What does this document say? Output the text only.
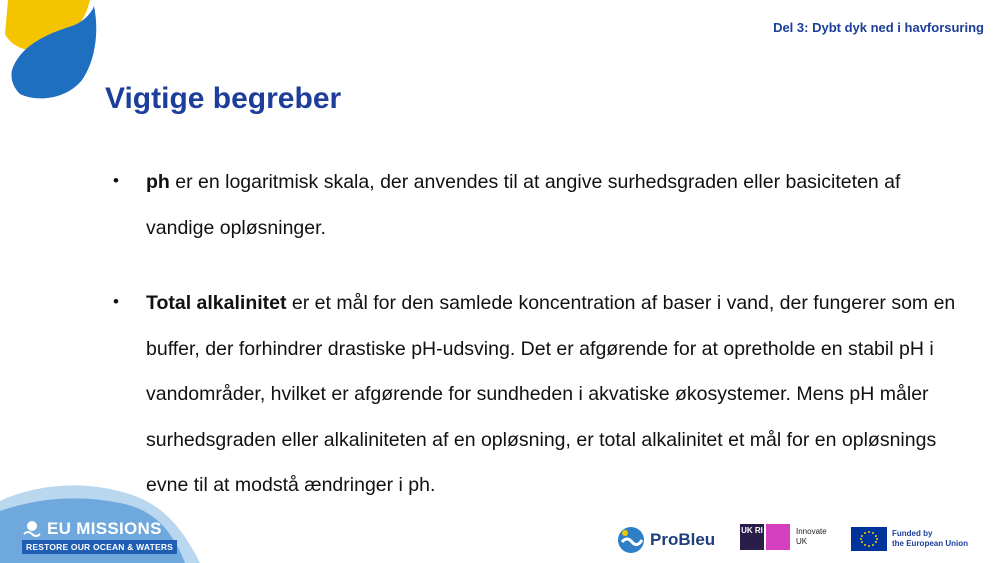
Del 3: Dybt dyk ned i havforsuring
Vigtige begreber
• ph er en logaritmisk skala, der anvendes til at angive surhedsgraden eller basiciteten af vandige opløsninger.
• Total alkalinitet er et mål for den samlede koncentration af baser i vand, der fungerer som en buffer, der forhindrer drastiske pH-udsving. Det er afgørende for at opretholde en stabil pH i vandområder, hvilket er afgørende for sundheden i akvatiske økosystemer. Mens pH måler surhedsgraden eller alkaliniteten af en opløsning, er total alkalinitet et mål for en opløsnings evne til at modstå ændringer i ph.
EU MISSIONS
RESTORE OUR OCEAN & WATERS	ProBleu	UK RI	Innovate
UK
Funded by
the European Union
